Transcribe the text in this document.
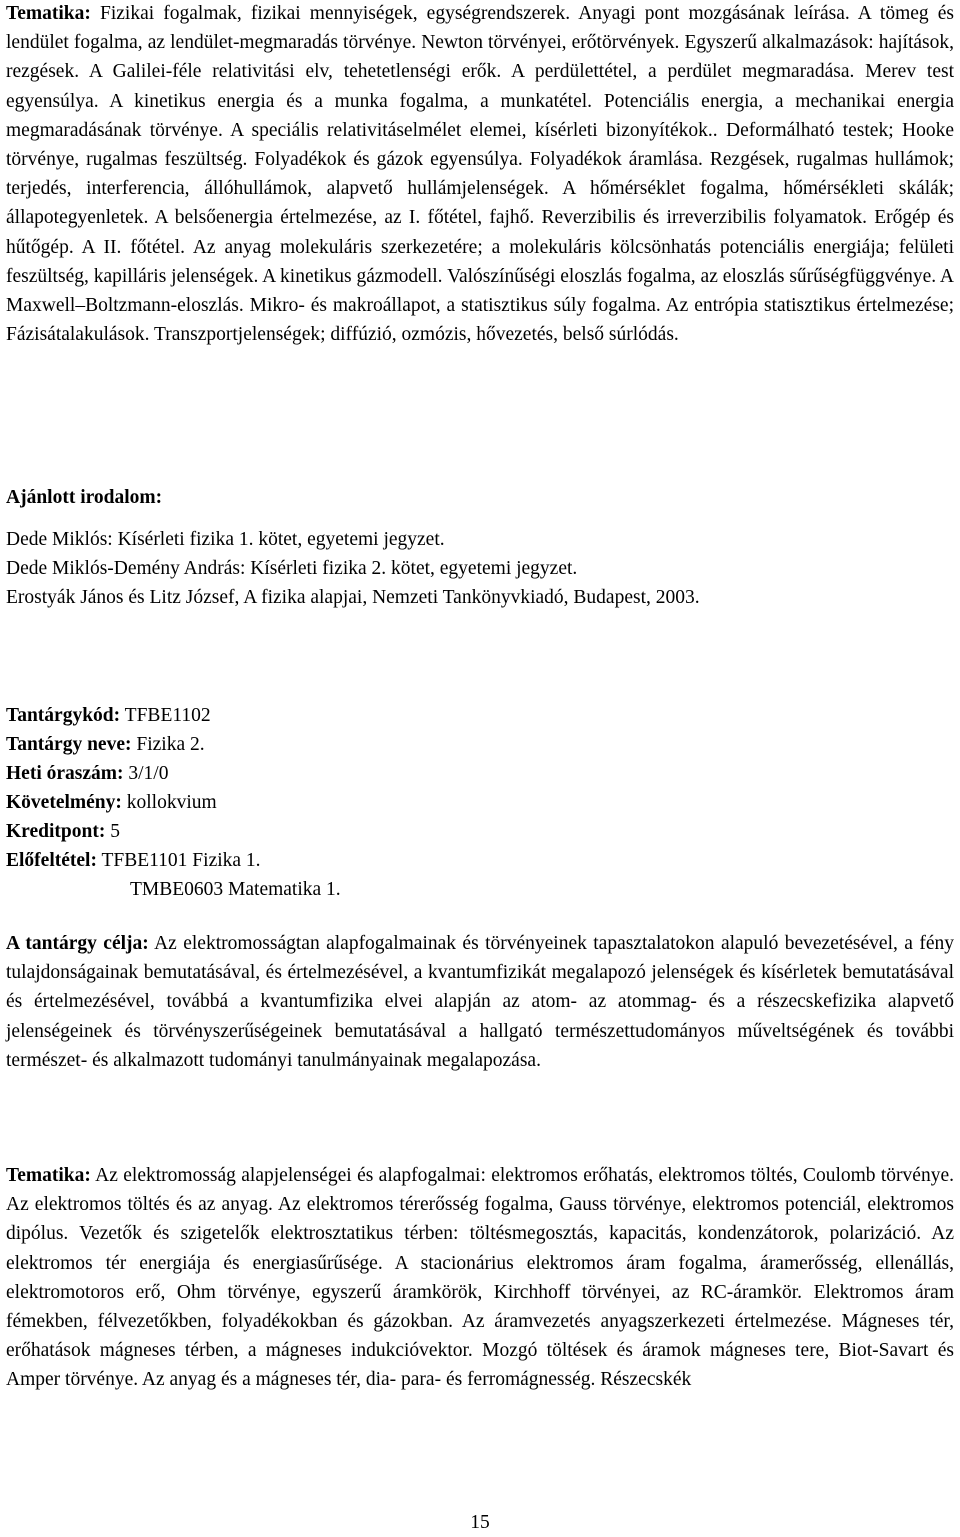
Tematika: Fizikai fogalmak, fizikai mennyiségek, egységrendszerek. Anyagi pont mozgásának leírása. A tömeg és lendület fogalma, az lendület-megmaradás törvénye. Newton törvényei, erőtörvények. Egyszerű alkalmazások: hajítások, rezgések. A Galilei-féle relativitási elv, tehetetlenségi erők. A perdülettétel, a perdület megmaradása. Merev test egyensúlya. A kinetikus energia és a munka fogalma, a munkatétel. Potenciális energia, a mechanikai energia megmaradásának törvénye. A speciális relativitáselmélet elemei, kísérleti bizonyítékok.. Deformálható testek; Hooke törvénye, rugalmas feszültség. Folyadékok és gázok egyensúlya. Folyadékok áramlása. Rezgések, rugalmas hullámok; terjedés, interferencia, állóhullámok, alapvető hullámjelenségek. A hőmérséklet fogalma, hőmérsékleti skálák; állapotegyenletek. A belsőenergia értelmezése, az I. főtétel, fajhő. Reverzibilis és irreverzibilis folyamatok. Erőgép és hűtőgép. A II. főtétel. Az anyag molekuláris szerkezetére; a molekuláris kölcsönhatás potenciális energiája; felületi feszültség, kapilláris jelenségek. A kinetikus gázmodell. Valószínűségi eloszlás fogalma, az eloszlás sűrűségfüggvénye. A Maxwell–Boltzmann-eloszlás. Mikro- és makroállapot, a statisztikus súly fogalma. Az entrópia statisztikus értelmezése; Fázisátalakulások. Transzportjelenségek; diffúzió, ozmózis, hővezetés, belső súrlódás.

Ajánlott irodalom:
Dede Miklós: Kísérleti fizika 1. kötet, egyetemi jegyzet.
Dede Miklós-Demény András: Kísérleti fizika 2. kötet, egyetemi jegyzet.
Erostyák János és Litz József, A fizika alapjai, Nemzeti Tankönyvkiadó, Budapest, 2003.
Tantárgykód: TFBE1102
Tantárgy neve: Fizika 2.
Heti óraszám: 3/1/0
Követelmény: kollokvium
Kreditpont: 5
Előfeltétel: TFBE1101 Fizika 1.
TMBE0603 Matematika 1.

A tantárgy célja: Az elektromosságtan alapfogalmainak és törvényeinek tapasztalatokon alapuló bevezetésével, a fény tulajdonságainak bemutatásával, és értelmezésével, a kvantumfizikát megalapozó jelenségek és kísérletek bemutatásával és értelmezésével, továbbá a kvantumfizika elvei alapján az atom- az atommag- és a részecskefizika alapvető jelenségeinek és törvényszerűségeinek bemutatásával a hallgató természettudományos műveltségének és további természet- és alkalmazott tudományi tanulmányainak megalapozása.

Tematika: Az elektromosság alapjelenségei és alapfogalmai: elektromos erőhatás, elektromos töltés, Coulomb törvénye. Az elektromos töltés és az anyag. Az elektromos térerősség fogalma, Gauss törvénye, elektromos potenciál, elektromos dipólus. Vezetők és szigetelők elektrosztatikus térben: töltésmegosztás, kapacitás, kondenzátorok, polarizáció. Az elektromos tér energiája és energiasűrűsége. A stacionárius elektromos áram fogalma, áramerősség, ellenállás, elektromotoros erő, Ohm törvénye, egyszerű áramkörök, Kirchhoff törvényei, az RC-áramkör. Elektromos áram fémekben, félvezetőkben, folyadékokban és gázokban. Az áramvezetés anyagszerkezeti értelmezése. Mágneses tér, erőhatások mágneses térben, a mágneses indukcióvektor. Mozgó töltések és áramok mágneses tere, Biot-Savart és Amper törvénye. Az anyag és a mágneses tér, dia- para- és ferromágnesség. Részecskék

15
